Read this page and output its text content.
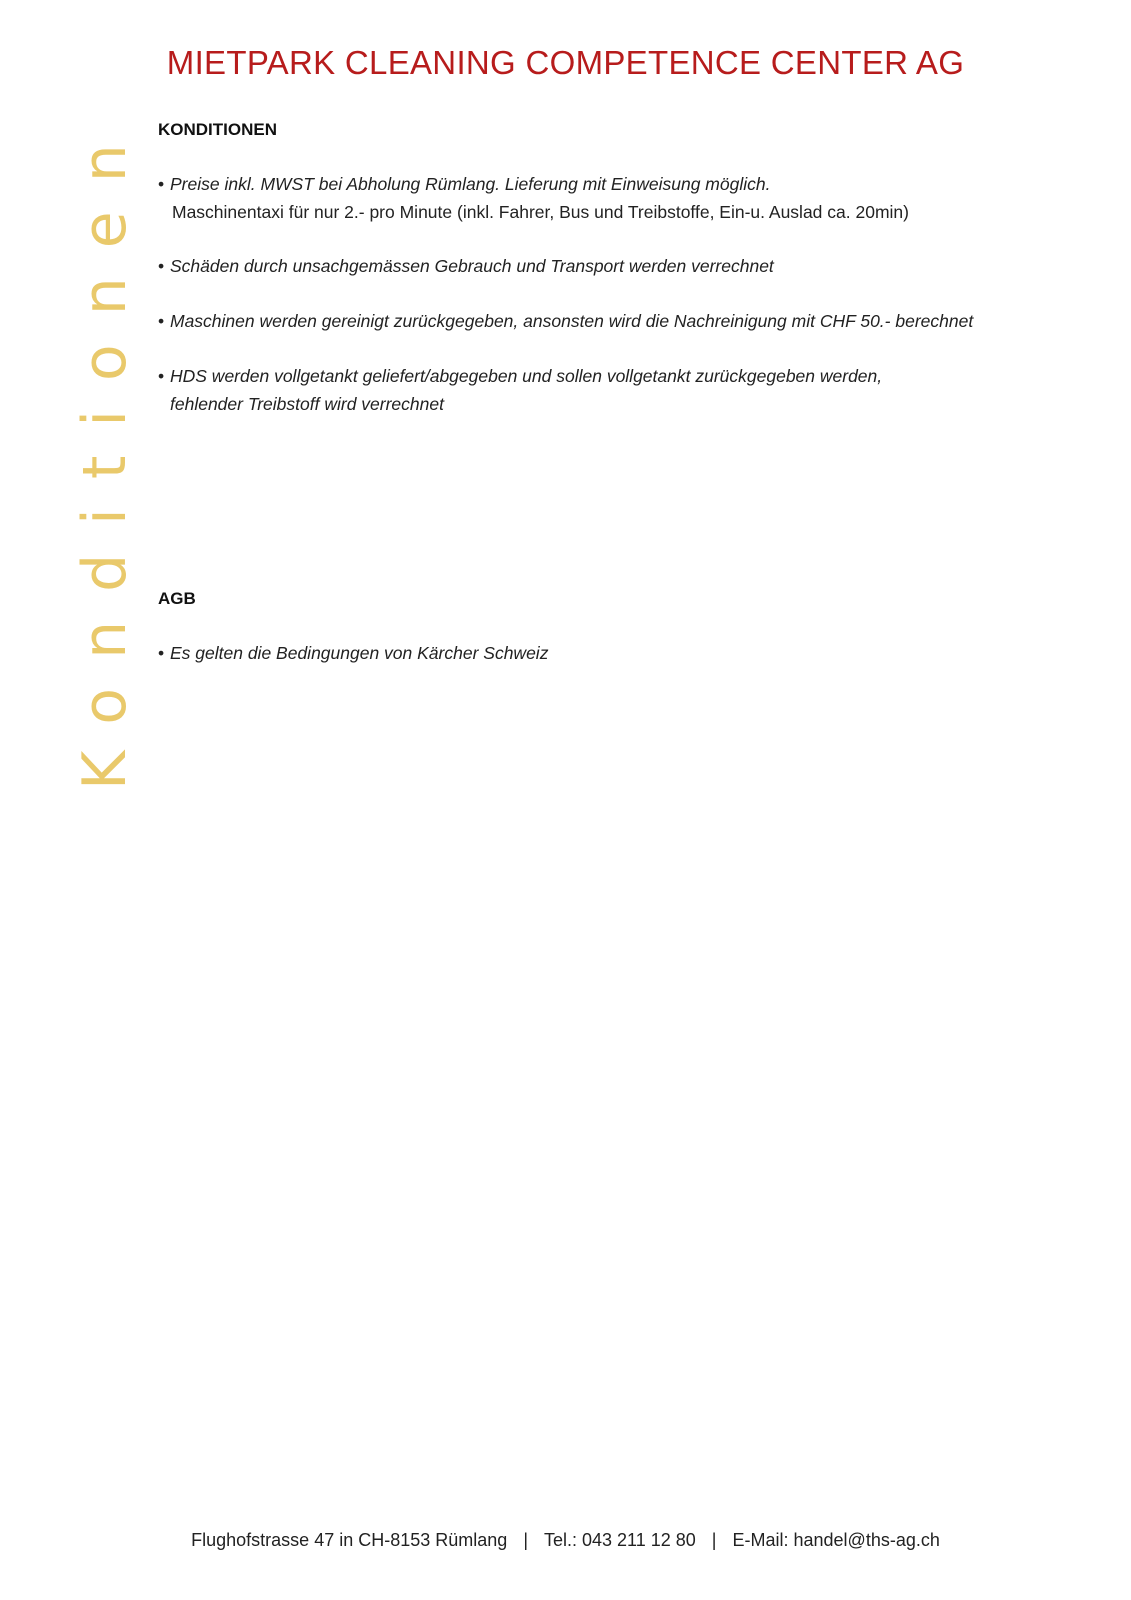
MIETPARK CLEANING COMPETENCE CENTER AG
Konditionen KONDITIONEN
• Preise inkl. MWST bei Abholung Rümlang. Lieferung mit Einweisung möglich.
Maschinentaxi für nur 2.- pro Minute (inkl. Fahrer, Bus und Treibstoffe, Ein-u. Auslad ca. 20min)
• Schäden durch unsachgemässen Gebrauch und Transport werden verrechnet
• Maschinen werden gereinigt zurückgegeben, ansonsten wird die Nachreinigung mit CHF 50.- berechnet
• HDS werden vollgetankt geliefert/abgegeben und sollen vollgetankt zurückgegeben werden,
fehlender Treibstoff wird verrechnet
AGB
• Es gelten die Bedingungen von Kärcher Schweiz
Flughofstrasse 47 in CH-8153 Rümlang | Tel.: 043 211 12 80 | E-Mail: handel@ths-ag.ch
